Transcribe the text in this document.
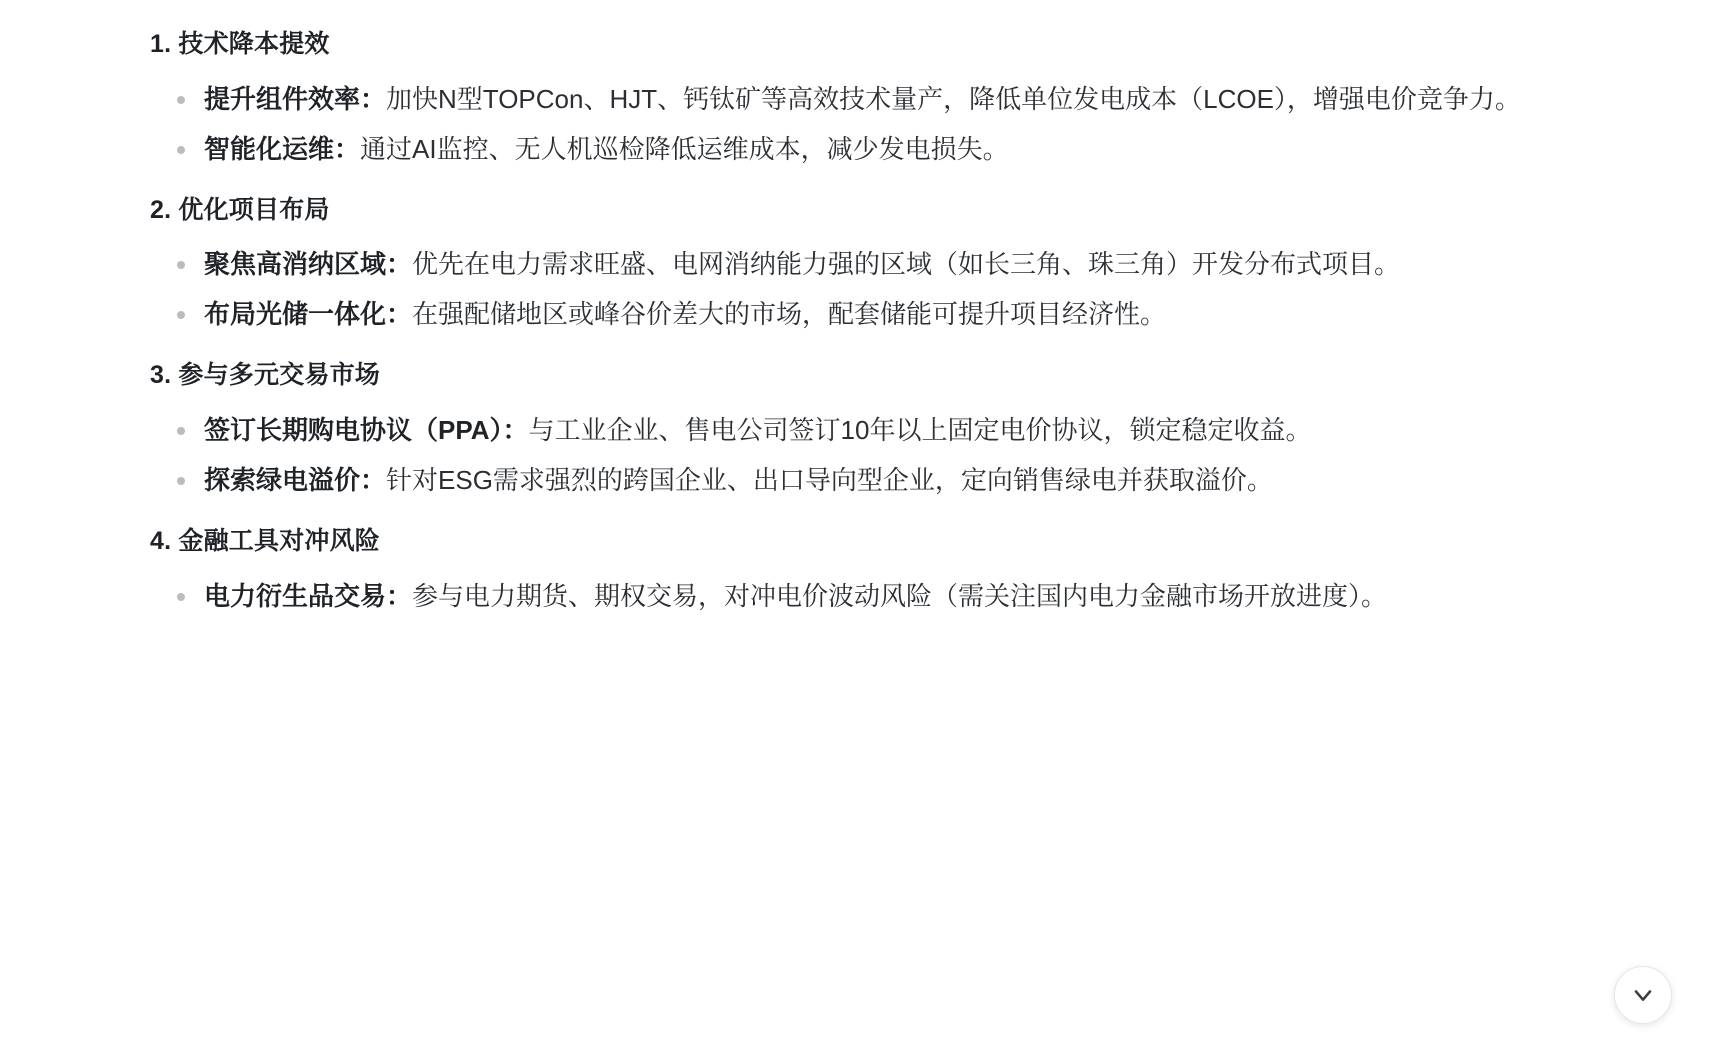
1. 技术降本提效
提升组件效率：加快N型TOPCon、HJT、钙钛矿等高效技术量产，降低单位发电成本（LCOE），增强电价竞争力。
智能化运维：通过AI监控、无人机巡检降低运维成本，减少发电损失。
2. 优化项目布局
聚焦高消纳区域：优先在电力需求旺盛、电网消纳能力强的区域（如长三角、珠三角）开发分布式项目。
布局光储一体化：在强配储地区或峰谷价差大的市场，配套储能可提升项目经济性。
3. 参与多元交易市场
签订长期购电协议（PPA）：与工业企业、售电公司签订10年以上固定电价协议，锁定稳定收益。
探索绿电溢价：针对ESG需求强烈的跨国企业、出口导向型企业，定向销售绿电并获取溢价。
4. 金融工具对冲风险
电力衍生品交易：参与电力期货、期权交易，对冲电价波动风险（需关注国内电力金融市场开放进度）。
